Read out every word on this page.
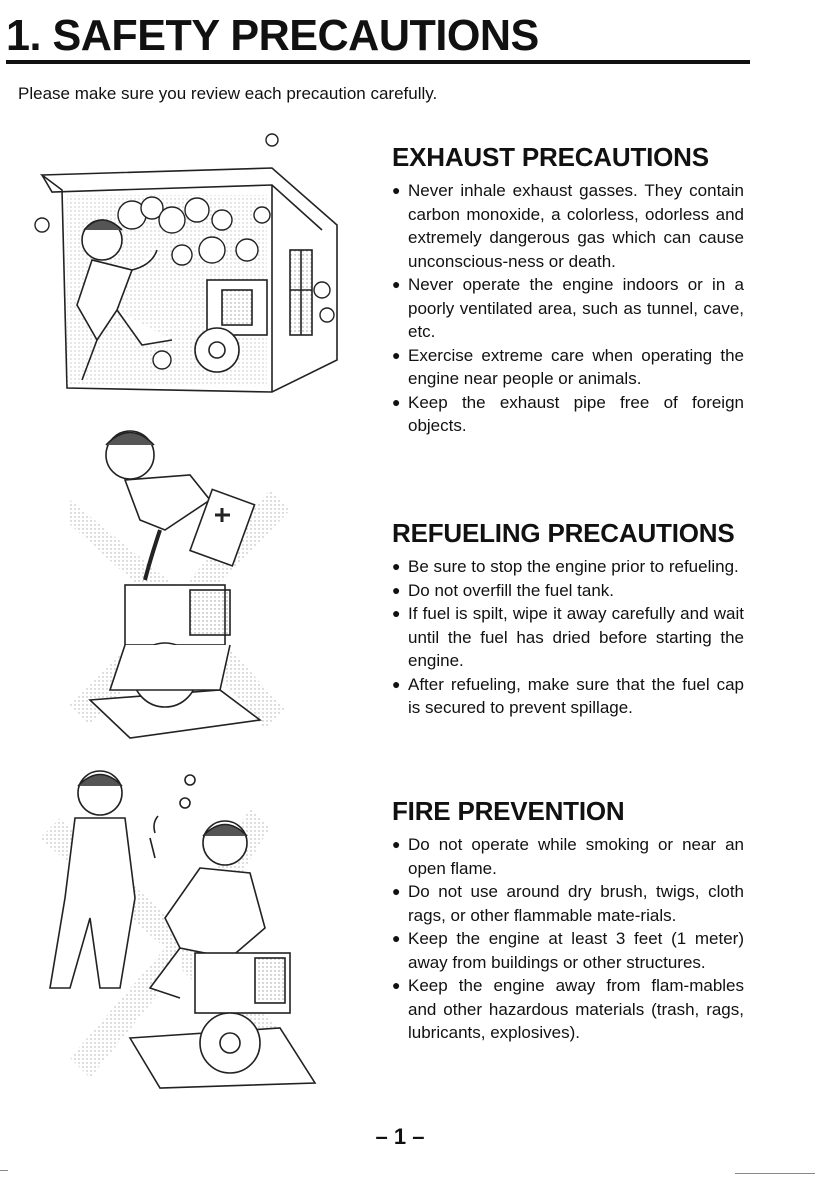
1. SAFETY PRECAUTIONS

Please make sure you review each precaution carefully.

EXHAUST PRECAUTIONS
● Never inhale exhaust gasses. They contain carbon monoxide, a colorless, odorless and extremely dangerous gas which can cause unconscious-ness or death.
● Never operate the engine indoors or in a poorly ventilated area, such as tunnel, cave, etc.
● Exercise extreme care when operating the engine near people or animals.
● Keep the exhaust pipe free of foreign objects.
REFUELING PRECAUTIONS
● Be sure to stop the engine prior to refueling.
● Do not overfill the fuel tank.
● If fuel is spilt, wipe it away carefully and wait until the fuel has dried before starting the engine.
● After refueling, make sure that the fuel cap is secured to prevent spillage.
FIRE PREVENTION
● Do not operate while smoking or near an open flame.
● Do not use around dry brush, twigs, cloth rags, or other flammable mate-rials.
● Keep the engine at least 3 feet (1 meter) away from buildings or other structures.
● Keep the engine away from flam-mables and other hazardous materials (trash, rags, lubricants, explosives).

– 1 –
